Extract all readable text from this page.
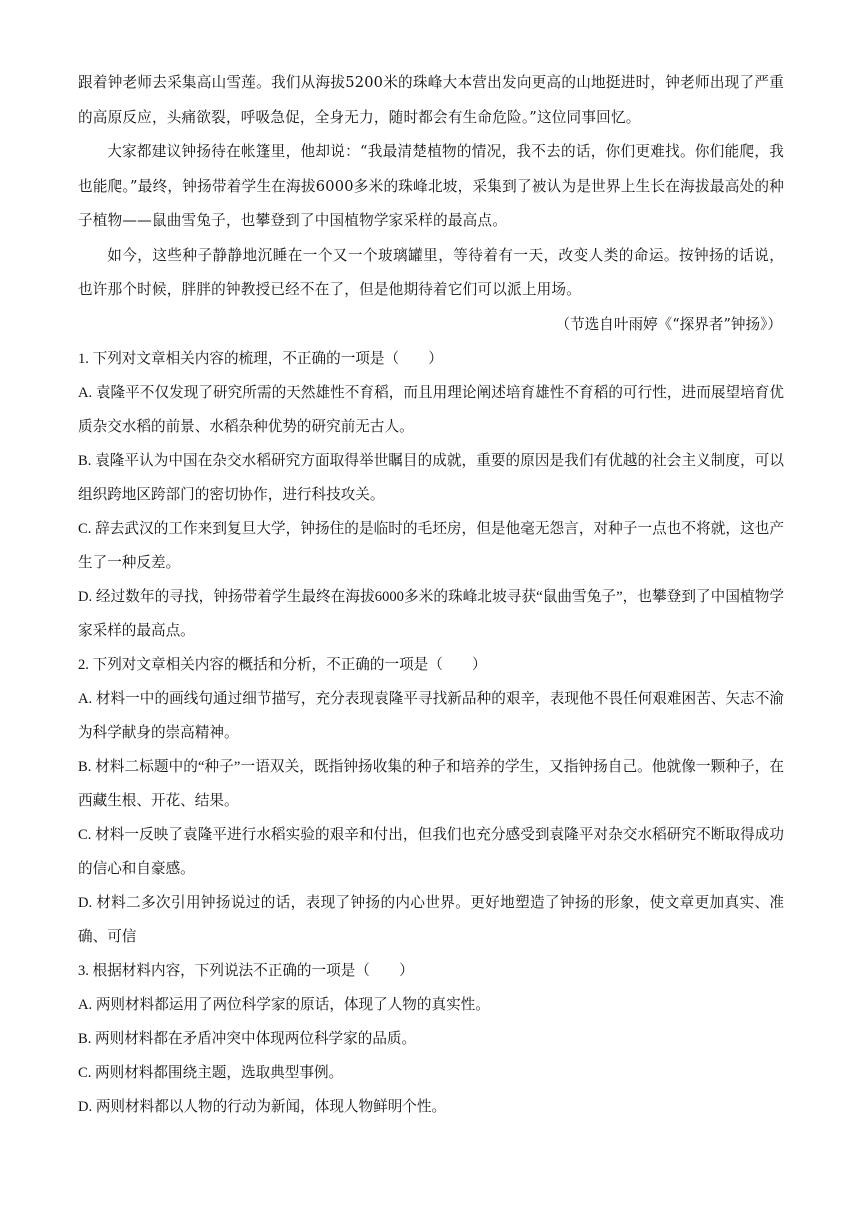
跟着钟老师去采集高山雪莲。我们从海拔5200米的珠峰大本营出发向更高的山地挺进时，钟老师出现了严重的高原反应，头痛欲裂，呼吸急促，全身无力，随时都会有生命危险。”这位同事回忆。

大家都建议钟扬待在帐篷里，他却说：“我最清楚植物的情况，我不去的话，你们更难找。你们能爬，我也能爬。”最终，钟扬带着学生在海拔6000多米的珠峰北坡，采集到了被认为是世界上生长在海拔最高处的种子植物——鼠曲雪兔子，也攀登到了中国植物学家采样的最高点。

如今，这些种子静静地沉睡在一个又一个玻璃罐里，等待着有一天，改变人类的命运。按钟扬的话说，也许那个时候，胖胖的钟教授已经不在了，但是他期待着它们可以派上用场。

（节选自叶雨婷《“探界者”钟扬》）

1. 下列对文章相关内容的梳理，不正确的一项是（　　）

A. 袁隆平不仅发现了研究所需的天然雄性不育稻，而且用理论阐述培育雄性不育稻的可行性，进而展望培育优质杂交水稻的前景、水稻杂种优势的研究前无古人。

B. 袁隆平认为中国在杂交水稻研究方面取得举世瞩目的成就，重要的原因是我们有优越的社会主义制度，可以组织跨地区跨部门的密切协作，进行科技攻关。

C. 辞去武汉的工作来到复旦大学，钟扬住的是临时的毛坯房，但是他毫无怨言，对种子一点也不将就，这也产生了一种反差。

D. 经过数年的寻找，钟扬带着学生最终在海拔6000多米的珠峰北坡寻获“鼠曲雪兔子”，也攀登到了中国植物学家采样的最高点。

2. 下列对文章相关内容的概括和分析，不正确的一项是（　　）

A. 材料一中的画线句通过细节描写，充分表现袁隆平寻找新品种的艰辛，表现他不畏任何艰难困苦、矢志不渝为科学献身的崇高精神。

B. 材料二标题中的“种子”一语双关，既指钟扬收集的种子和培养的学生，又指钟扬自己。他就像一颗种子，在西藏生根、开花、结果。

C. 材料一反映了袁隆平进行水稻实验的艰辛和付出，但我们也充分感受到袁隆平对杂交水稻研究不断取得成功的信心和自豪感。

D. 材料二多次引用钟扬说过的话，表现了钟扬的内心世界。更好地塑造了钟扬的形象，使文章更加真实、准确、可信

3. 根据材料内容，下列说法不正确的一项是（　　）

A. 两则材料都运用了两位科学家的原话，体现了人物的真实性。

B. 两则材料都在矛盾冲突中体现两位科学家的品质。

C. 两则材料都围绕主题，选取典型事例。

D. 两则材料都以人物的行动为新闻，体现人物鲜明个性。
